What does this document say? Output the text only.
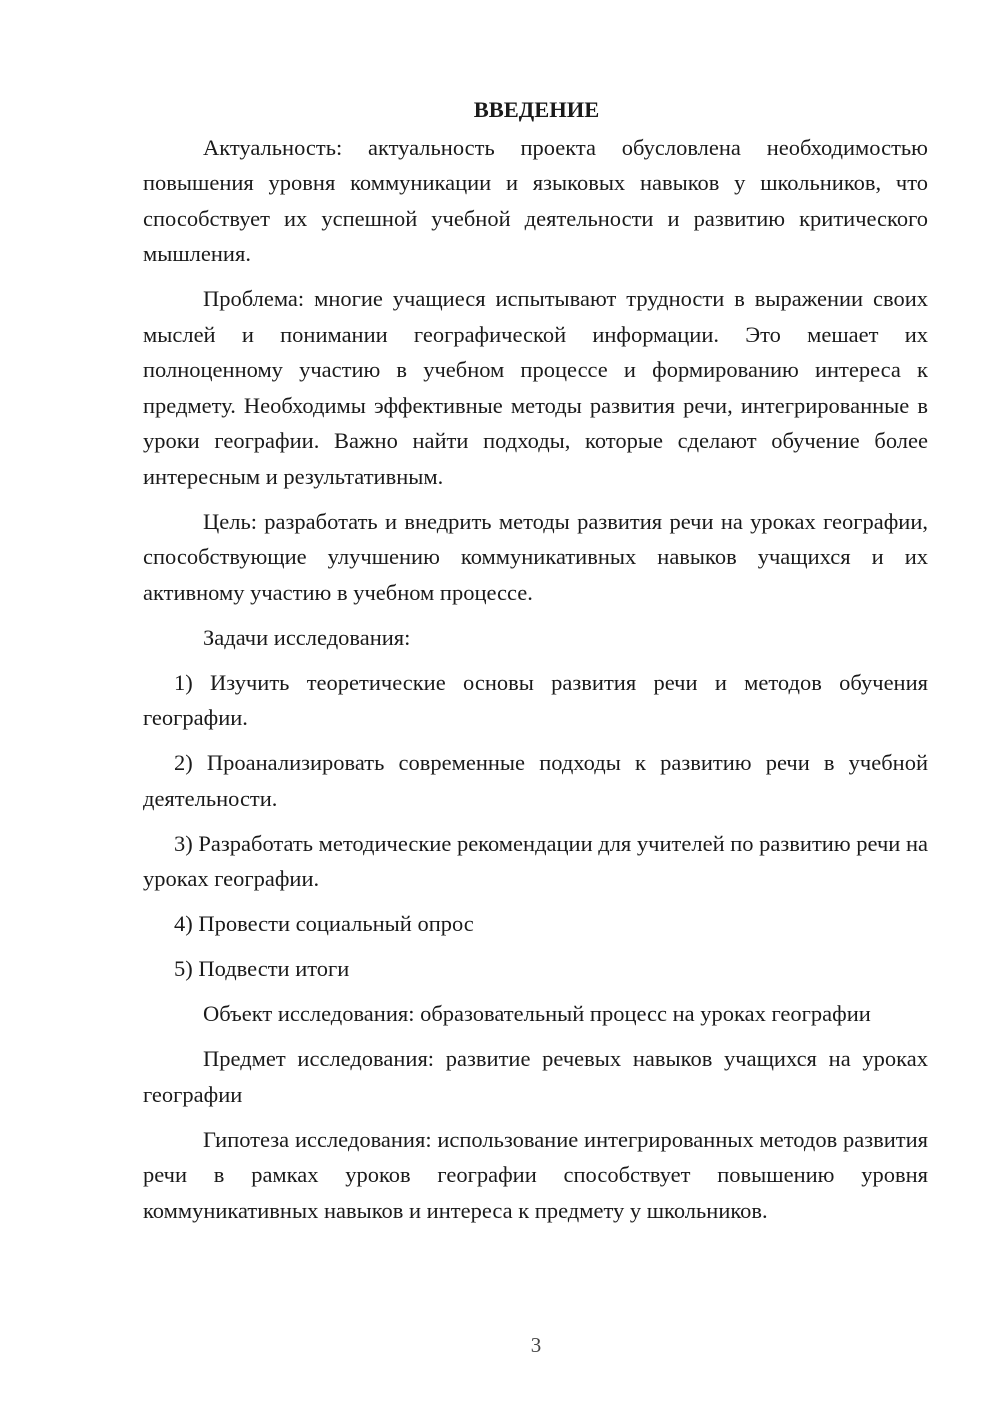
ВВЕДЕНИЕ

Актуальность: актуальность проекта обусловлена необходимостью повышения уровня коммуникации и языковых навыков у школьников, что способствует их успешной учебной деятельности и развитию критического мышления.

Проблема: многие учащиеся испытывают трудности в выражении своих мыслей и понимании географической информации. Это мешает их полноценному участию в учебном процессе и формированию интереса к предмету. Необходимы эффективные методы развития речи, интегрированные в уроки географии. Важно найти подходы, которые сделают обучение более интересным и результативным.

Цель: разработать и внедрить методы развития речи на уроках географии, способствующие улучшению коммуникативных навыков учащихся и их активному участию в учебном процессе.

Задачи исследования:

1) Изучить теоретические основы развития речи и методов обучения географии.

2) Проанализировать современные подходы к развитию речи в учебной деятельности.

3) Разработать методические рекомендации для учителей по развитию речи на уроках географии.

4) Провести социальный опрос

5) Подвести итоги

Объект исследования: образовательный процесс на уроках географии

Предмет исследования: развитие речевых навыков учащихся на уроках географии

Гипотеза исследования: использование интегрированных методов развития речи в рамках уроков географии способствует повышению уровня коммуникативных навыков и интереса к предмету у школьников.

3
